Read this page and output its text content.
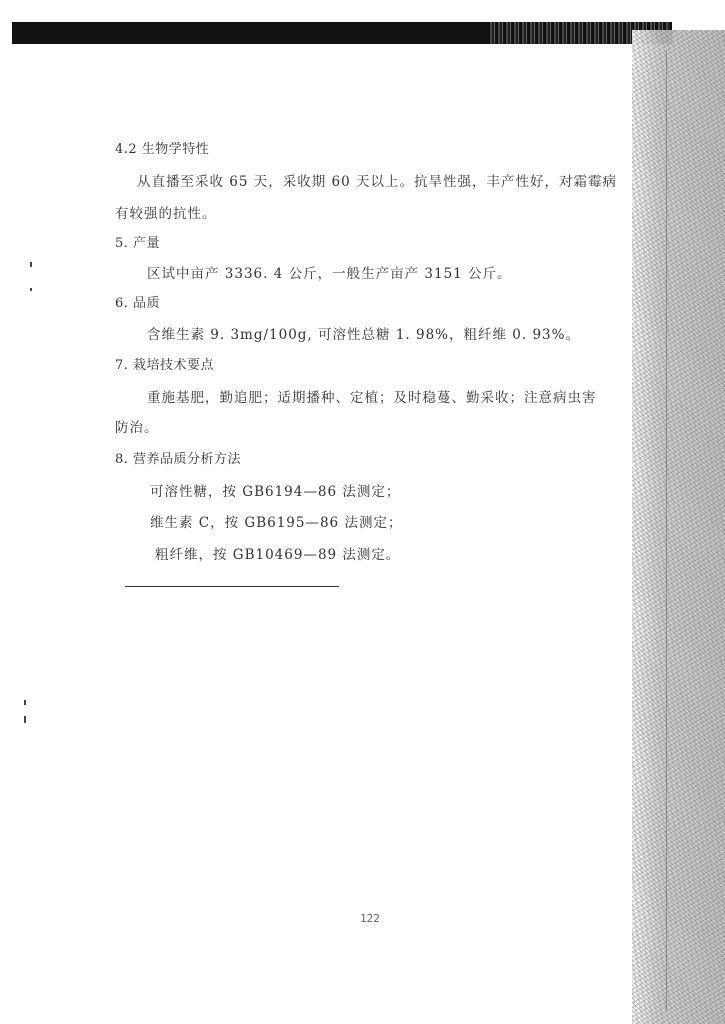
4.2 生物学特性
从直播至采收 65 天，采收期 60 天以上。抗旱性强，丰产性好，对霜霉病
有较强的抗性。
5. 产量
区试中亩产 3336. 4 公斤，一般生产亩产 3151 公斤。
6. 品质
含维生素 9. 3mg/100g, 可溶性总糖 1. 98%，粗纤维 0. 93%。
7. 栽培技术要点
重施基肥，勤追肥；适期播种、定植；及时稳蔓、勤采收；注意病虫害
防治。
8. 营养品质分析方法
可溶性糖，按 GB6194—86 法测定；
维生素 C，按 GB6195—86 法测定；
粗纤维，按 GB10469—89 法测定。
122
